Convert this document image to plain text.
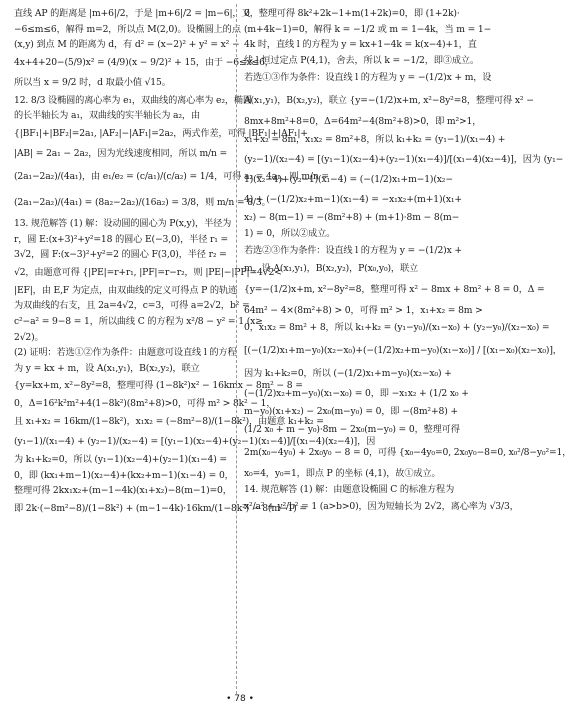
直线 AP 的距离是 |m+6|/2，于是 |m+6|/2 = |m−6|，又
−6≤m≤6，解得 m=2，所以点 M(2,0)。设椭圆上的点
(x,y) 到点 M 的距离为 d，有 d² = (x−2)² + y² = x² −
4x+4+20−(5/9)x² = (4/9)(x − 9/2)² + 15，由于 −6≤x≤6，
所以当 x = 9/2 时，d 取最小值 √15。
12. 8/3 设椭圆的离心率为 e₁，双曲线的离心率为 e₂，椭圆
的长半轴长为 a₁，双曲线的实半轴长为 a₂，由
{|BF₁|+|BF₂|=2a₁, |AF₂|−|AF₁|=2a₂，两式作差，可得 |BF₁|+|AF₁|+
|AB| = 2a₁ − 2a₂，因为光线速度相同，所以 m/n =
(2a₁−2a₂)/(4a₁)，由 e₁/e₂ = (c/a₁)/(c/a₂) = 1/4，可得 a₂ = 4a₁，则 m/n =
(2a₁−2a₂)/(4a₁) = (8a₂−2a₂)/(16a₂) = 3/8，则 m/n = 8/3。
13. 规范解答 (1) 解：设动圆的圆心为 P(x,y)，半径为
r，圆 E:(x+3)²+y²=18 的圆心 E(−3,0)，半径 r₁ =
3√2，圆 F:(x−3)²+y²=2 的圆心 F(3,0)，半径 r₂ =
√2，由题意可得 {|PE|=r+r₁, |PF|=r−r₂，则 |PE|−|PF|=4√2<
|EF|，由 E,F 为定点，由双曲线的定义可得点 P 的轨迹
为双曲线的右支，且 2a=4√2，c=3，可得 a=2√2，b² =
c²−a² = 9−8 = 1，所以曲线 C 的方程为 x²/8 − y² = 1 (x≥
2√2)。
(2) 证明：若选①②作为条件：由题意可设直线 l 的方程
为 y = kx + m，设 A(x₁,y₁)，B(x₂,y₂)，联立
{y=kx+m, x²−8y²=8，整理可得 (1−8k²)x² − 16kmx − 8m² − 8 =
0，Δ=16²k²m²+4(1−8k²)(8m²+8)>0，可得 m² > 8k² − 1，
且 x₁+x₂ = 16km/(1−8k²)，x₁x₂ = (−8m²−8)/(1−8k²)，由题意 k₁+k₂ =
(y₁−1)/(x₁−4) + (y₂−1)/(x₂−4) = [(y₁−1)(x₂−4)+(y₂−1)(x₁−4)]/[(x₁−4)(x₂−4)]，因
为 k₁+k₂=0，所以 (y₁−1)(x₂−4)+(y₂−1)(x₁−4) =
0，即 (kx₁+m−1)(x₂−4)+(kx₂+m−1)(x₁−4) = 0，
整理可得 2kx₁x₂+(m−1−4k)(x₁+x₂)−8(m−1)=0，
即 2k·(−8m²−8)/(1−8k²) + (m−1−4k)·16km/(1−8k²) − 8(m−1) =
0，整理可得 8k²+2k−1+m(1+2k)=0，即 (1+2k)·
(m+4k−1)=0，解得 k = −1/2 或 m = 1−4k，当 m = 1−
4k 时，直线 l 的方程为 y = kx+1−4k = k(x−4)+1，直
线 l 恒过定点 P(4,1)，舍去，所以 k = −1/2，即③成立。
若选①③作为条件：设直线 l 的方程为 y = −(1/2)x + m，设
A(x₁,y₁)，B(x₂,y₂)，联立 {y=−(1/2)x+m, x²−8y²=8，整理可得 x² −
8mx+8m²+8=0，Δ=64m²−4(8m²+8)>0，即 m²>1，
x₁+x₂ = 8m，x₁x₂ = 8m²+8，所以 k₁+k₂ = (y₁−1)/(x₁−4) +
(y₂−1)/(x₂−4) = [(y₁−1)(x₂−4)+(y₂−1)(x₁−4)]/[(x₁−4)(x₂−4)]，因为 (y₁−
1)(x₂−4)+(y₂−1)(x₁−4) = (−(1/2)x₁+m−1)(x₂−
4) + (−(1/2)x₂+m−1)(x₁−4) = −x₁x₂+(m+1)(x₁+
x₂) − 8(m−1) = −(8m²+8) + (m+1)·8m − 8(m−
1) = 0，所以②成立。
若选②③作为条件：设直线 l 的方程为 y = −(1/2)x +
m，设 A(x₁,y₁)，B(x₂,y₂)，P(x₀,y₀)，联立
{y=−(1/2)x+m, x²−8y²=8，整理可得 x² − 8mx + 8m² + 8 = 0，Δ =
64m² − 4×(8m²+8) > 0，可得 m² > 1，x₁+x₂ = 8m >
0，x₁x₂ = 8m² + 8，所以 k₁+k₂ = (y₁−y₀)/(x₁−x₀) + (y₂−y₀)/(x₂−x₀) =
[(−(1/2)x₁+m−y₀)(x₂−x₀)+(−(1/2)x₂+m−y₀)(x₁−x₀)] / [(x₁−x₀)(x₂−x₀)]，
因为 k₁+k₂=0，所以 (−(1/2)x₁+m−y₀)(x₂−x₀) +
(−(1/2)x₂+m−y₀)(x₁−x₀) = 0，即 −x₁x₂ + (1/2 x₀ +
m−y₀)(x₁+x₂) − 2x₀(m−y₀) = 0，即 −(8m²+8) +
(1/2 x₀ + m − y₀)·8m − 2x₀(m−y₀) = 0，整理可得
2m(x₀−4y₀) + 2x₀y₀ − 8 = 0，可得 {x₀−4y₀=0, 2x₀y₀−8=0, x₀²/8−y₀²=1，
x₀=4，y₀=1，即点 P 的坐标 (4,1)，故①成立。
14. 规范解答 (1) 解：由题意设椭圆 C 的标准方程为
x²/a² + y²/b² = 1 (a>b>0)，因为短轴长为 2√2，离心率为 √3/3，
• 78 •
